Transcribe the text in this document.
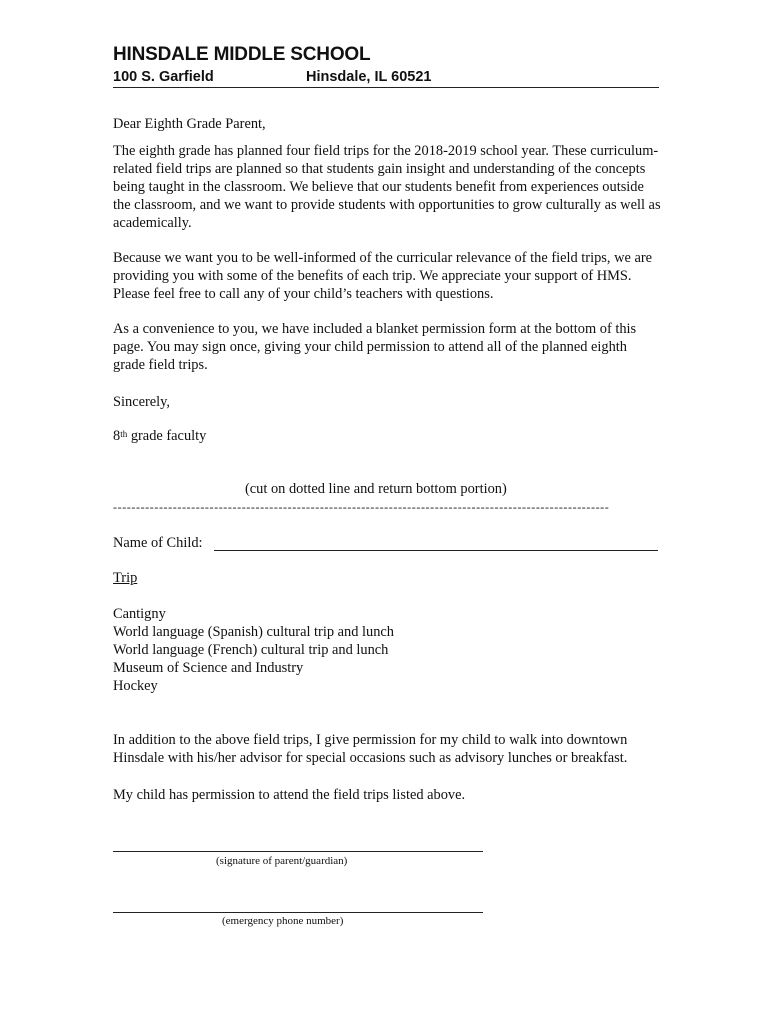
HINSDALE MIDDLE SCHOOL
100 S. Garfield	Hinsdale, IL 60521

Dear Eighth Grade Parent,

The eighth grade has planned four field trips for the 2018-2019 school year. These curriculum-related field trips are planned so that students gain insight and understanding of the concepts being taught in the classroom. We believe that our students benefit from experiences outside the classroom, and we want to provide students with opportunities to grow culturally as well as academically.

Because we want you to be well-informed of the curricular relevance of the field trips, we are providing you with some of the benefits of each trip. We appreciate your support of HMS. Please feel free to call any of your child’s teachers with questions.

As a convenience to you, we have included a blanket permission form at the bottom of this page. You may sign once, giving your child permission to attend all of the planned eighth grade field trips.

Sincerely,

8th grade faculty

(cut on dotted line and return bottom portion)
------------------------------------------------------------------------------------------------------------
Name of Child:
Trip
Cantigny
World language (Spanish) cultural trip and lunch
World language (French) cultural trip and lunch
Museum of Science and Industry
Hockey

In addition to the above field trips, I give permission for my child to walk into downtown Hinsdale with his/her advisor for special occasions such as advisory lunches or breakfast.

My child has permission to attend the field trips listed above.

(signature of parent/guardian)
(emergency phone number)
